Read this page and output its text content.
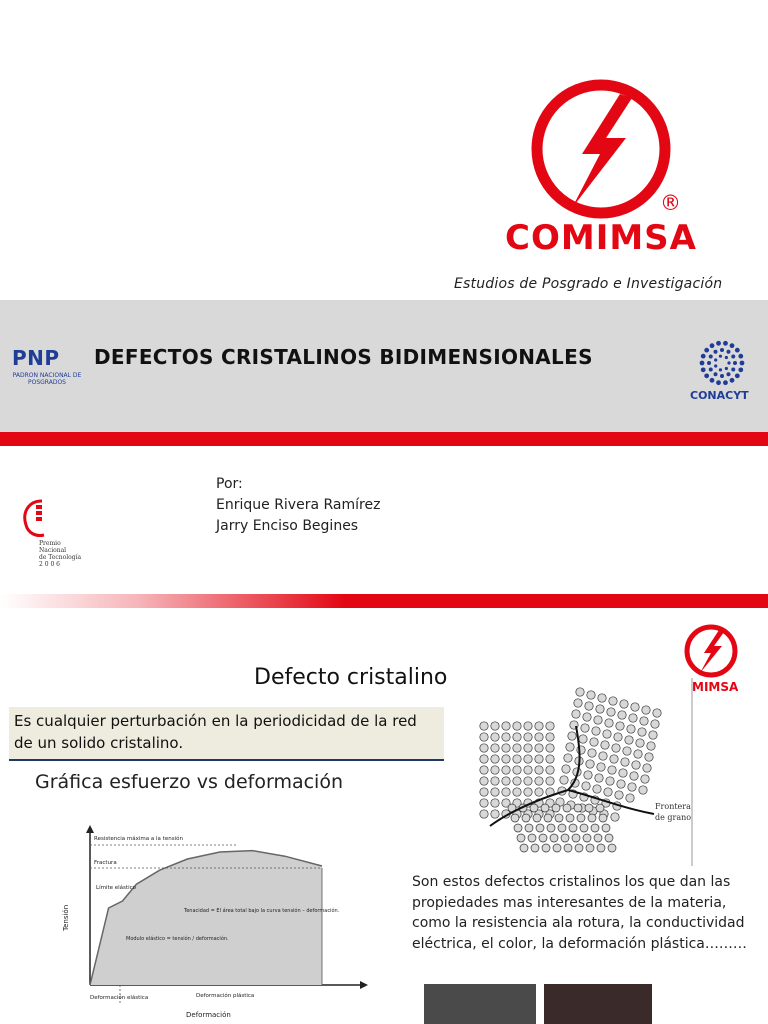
®
COMIMSA
Estudios de Posgrado e Investigación
PNP
PADRON NACIONAL DE POSGRADOS
DEFECTOS CRISTALINOS BIDIMENSIONALES
CONACYT
Por:
Enrique Rivera Ramírez
Jarry Enciso Begines
Premio
Nacional
de Tecnología
2 0 0 6
MIMSA
Defecto cristalino
Es cualquier perturbación en la periodicidad de la red de un solido cristalino.
Gráfica esfuerzo vs deformación
Resistencia máxima a la tensión
Fractura
Límite elástico
Tenacidad = El área total bajo la curva tensión – deformación.
Modulo elástico = tensión / deformación.
Deformación elástica	Deformación plástica
Deformación
Tensión
Frontera
de grano
Son estos defectos cristalinos los que dan las propiedades mas interesantes de la materia, como la resistencia ala rotura, la conductividad eléctrica, el color, la deformación plástica………
